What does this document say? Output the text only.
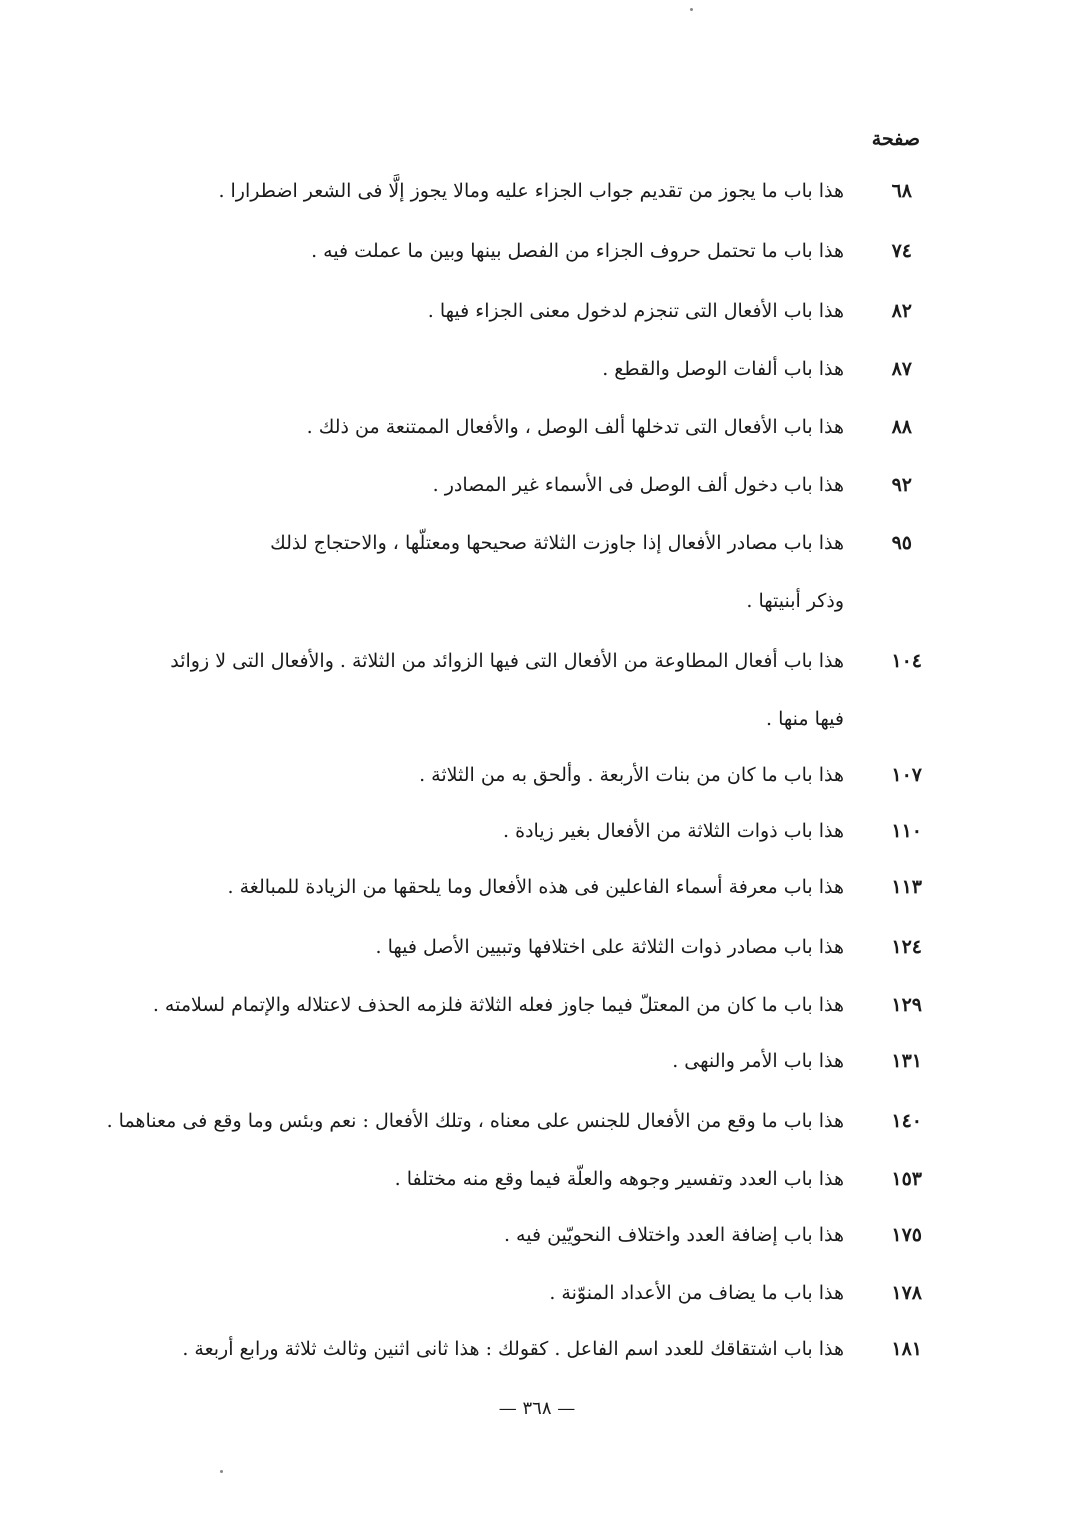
صفحة
٦٨
هذا باب ما يجوز من تقديم جواب الجزاء عليه ومالا يجوز إلَّا فى الشعر اضطرارا .
٧٤
هذا باب ما تحتمل حروف الجزاء من الفصل بينها وبين ما عملت فيه .
٨٢
هذا باب الأفعال التى تنجزم لدخول معنى الجزاء فيها .
٨٧
هذا باب ألفات الوصل والقطع .
٨٨
هذا باب الأفعال التى تدخلها ألف الوصل ، والأفعال الممتنعة من ذلك .
٩٢
هذا باب دخول ألف الوصل فى الأسماء غير المصادر .
٩٥
هذا باب مصادر الأفعال إذا جاوزت الثلاثة صحيحها ومعتلّها ، والاحتجاج لذلك
وذكر أبنيتها .
١٠٤
هذا باب أفعال المطاوعة من الأفعال التى فيها الزوائد من الثلاثة . والأفعال التى لا زوائد
فيها منها .
١٠٧
هذا باب ما كان من بنات الأربعة . وألحق به من الثلاثة .
١١٠
هذا باب ذوات الثلاثة من الأفعال بغير زيادة .
١١٣
هذا باب معرفة أسماء الفاعلين فى هذه الأفعال وما يلحقها من الزيادة للمبالغة .
١٢٤
هذا باب مصادر ذوات الثلاثة على اختلافها وتبيين الأصل فيها .
١٢٩
هذا باب ما كان من المعتلّ فيما جاوز فعله الثلاثة فلزمه الحذف لاعتلاله والإتمام لسلامته .
١٣١
هذا باب الأمر والنهى .
١٤٠
هذا باب ما وقع من الأفعال للجنس على معناه ، وتلك الأفعال : نعم وبئس وما وقع فى معناهما .
١٥٣
هذا باب العدد وتفسير وجوهه والعلّة فيما وقع منه مختلفا .
١٧٥
هذا باب إضافة العدد واختلاف النحويّين فيه .
١٧٨
هذا باب ما يضاف من الأعداد المنوّنة .
١٨١
هذا باب اشتقاقك للعدد اسم الفاعل . كقولك : هذا ثانى اثنين وثالث ثلاثة ورابع أربعة .
— ٣٦٨ —
